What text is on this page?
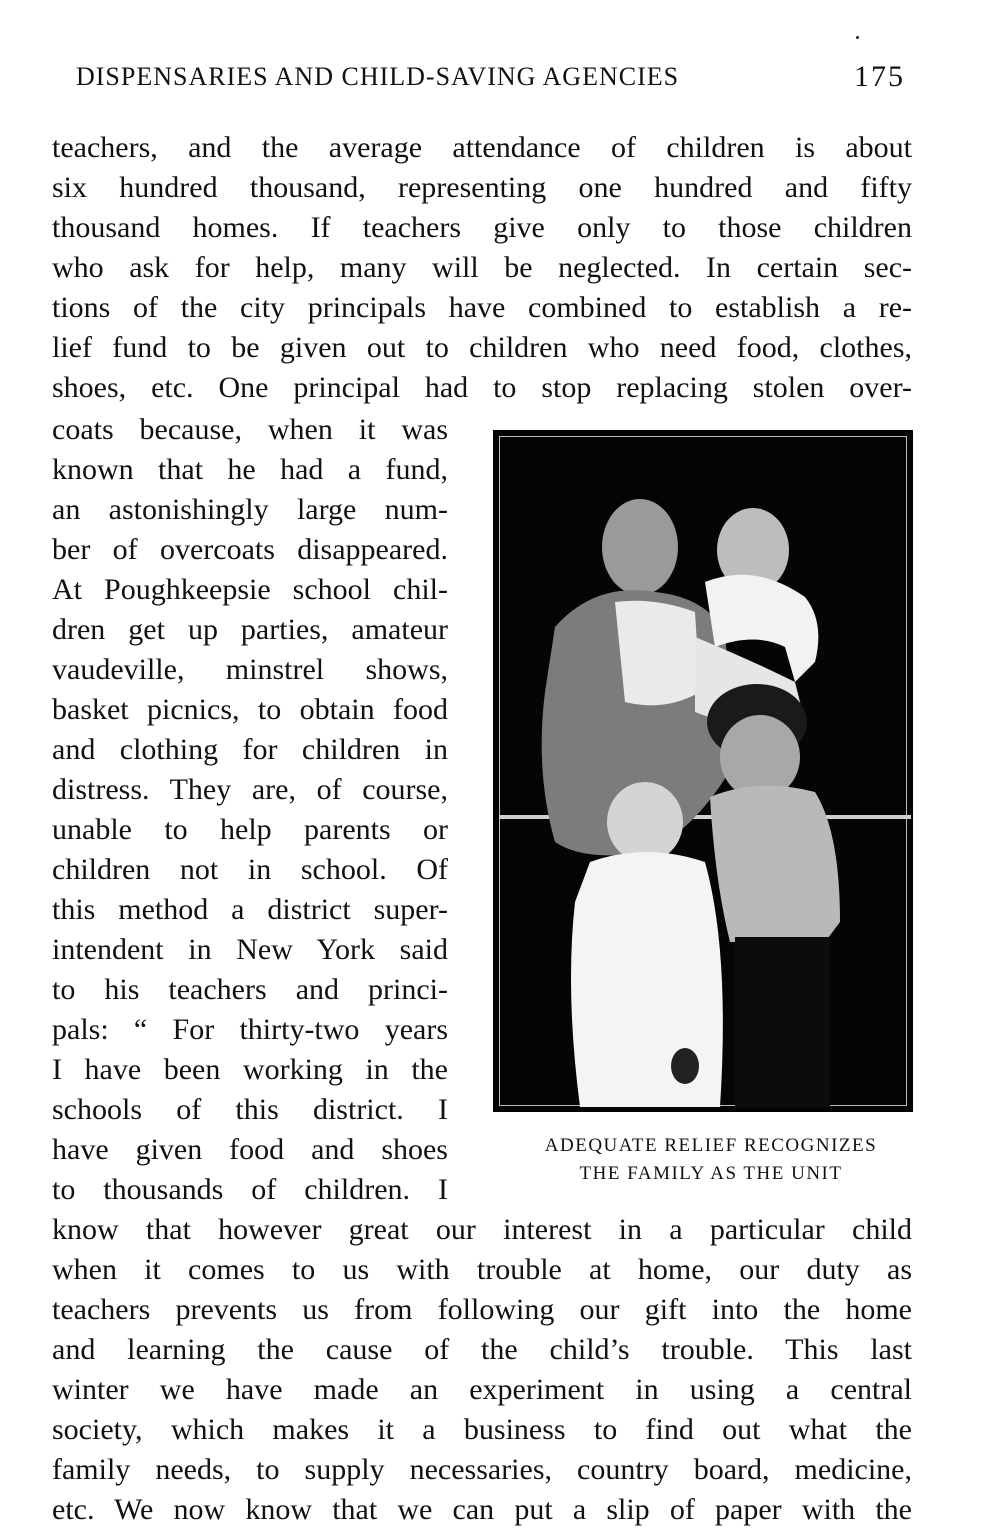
DISPENSARIES AND CHILD-SAVING AGENCIES	175
teachers, and the average attendance of children is about
six hundred thousand, representing one hundred and fifty
thousand homes. If teachers give only to those children
who ask for help, many will be neglected. In certain sec-
tions of the city principals have combined to establish a re-
lief fund to be given out to children who need food, clothes,
shoes, etc. One principal had to stop replacing stolen over-
coats because, when it was
known that he had a fund,
an astonishingly large num-
ber of overcoats disappeared.
At Poughkeepsie school chil-
dren get up parties, amateur
vaudeville, minstrel shows,
basket picnics, to obtain food
and clothing for children in
distress. They are, of course,
unable to help parents or
children not in school. Of
this method a district super-
intendent in New York said
to his teachers and princi-
pals: “ For thirty-two years
I have been working in the
schools of this district. I
have given food and shoes
to thousands of children. I
know that however great our interest in a particular child
when it comes to us with trouble at home, our duty as
teachers prevents us from following our gift into the home
and learning the cause of the child’s trouble. This last
winter we have made an experiment in using a central
society, which makes it a business to find out what the
family needs, to supply necessaries, country board, medicine,
etc. We now know that we can put a slip of paper with the
ADEQUATE RELIEF RECOGNIZES
THE FAMILY AS THE UNIT
